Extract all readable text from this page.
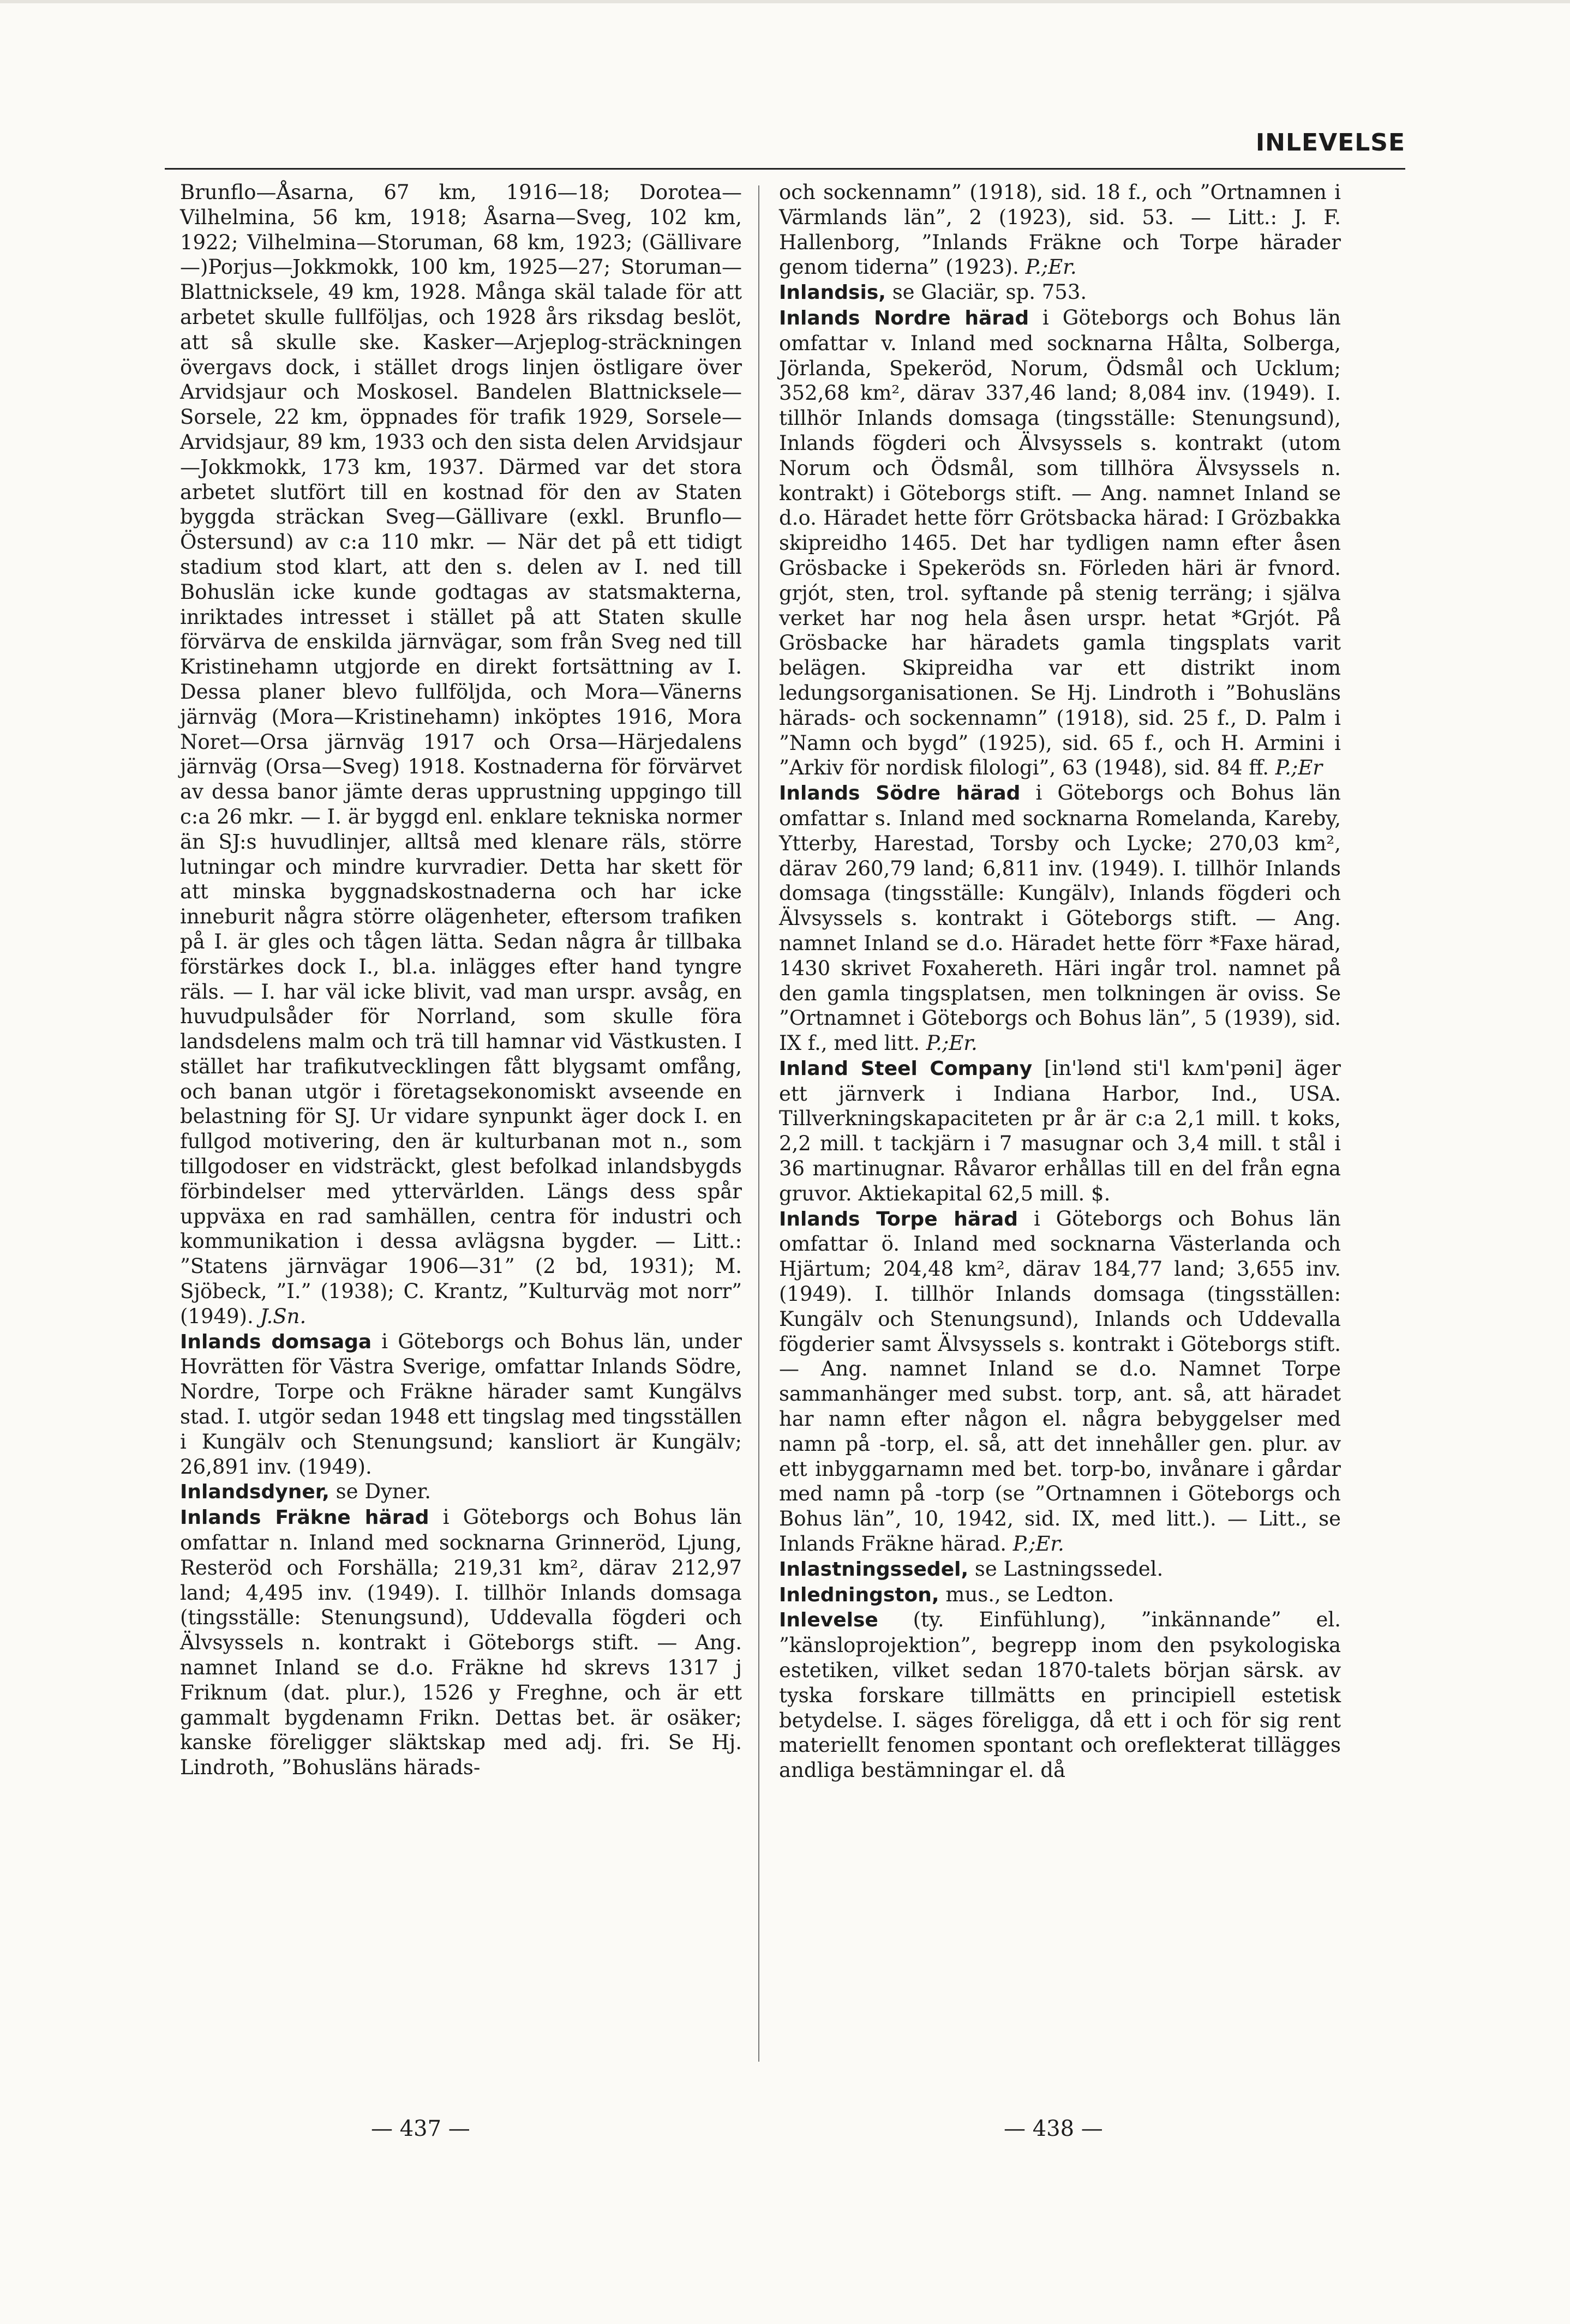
INLEVELSE

Brunflo—Åsarna, 67 km, 1916—18; Dorotea—Vilhelmina, 56 km, 1918; Åsarna—Sveg, 102 km, 1922; Vilhelmina—Storuman, 68 km, 1923; (Gällivare—)Porjus—Jokkmokk, 100 km, 1925—27; Storuman—Blattnicksele, 49 km, 1928. Många skäl talade för att arbetet skulle fullföljas, och 1928 års riksdag beslöt, att så skulle ske. Kasker—Arjeplog-sträckningen övergavs dock, i stället drogs linjen östligare över Arvidsjaur och Moskosel. Bandelen Blattnicksele—Sorsele, 22 km, öppnades för trafik 1929, Sorsele—Arvidsjaur, 89 km, 1933 och den sista delen Arvidsjaur—Jokkmokk, 173 km, 1937. Därmed var det stora arbetet slutfört till en kostnad för den av Staten byggda sträckan Sveg—Gällivare (exkl. Brunflo—Östersund) av c:a 110 mkr. — När det på ett tidigt stadium stod klart, att den s. delen av I. ned till Bohuslän icke kunde godtagas av statsmakterna, inriktades intresset i stället på att Staten skulle förvärva de enskilda järnvägar, som från Sveg ned till Kristinehamn utgjorde en direkt fortsättning av I. Dessa planer blevo fullföljda, och Mora—Vänerns järnväg (Mora—Kristinehamn) inköptes 1916, Mora Noret—Orsa järnväg 1917 och Orsa—Härjedalens järnväg (Orsa—Sveg) 1918. Kostnaderna för förvärvet av dessa banor jämte deras upprustning uppgingo till c:a 26 mkr. — I. är byggd enl. enklare tekniska normer än SJ:s huvudlinjer, alltså med klenare räls, större lutningar och mindre kurvradier. Detta har skett för att minska byggnadskostnaderna och har icke inneburit några större olägenheter, eftersom trafiken på I. är gles och tågen lätta. Sedan några år tillbaka förstärkes dock I., bl.a. inlägges efter hand tyngre räls. — I. har väl icke blivit, vad man urspr. avsåg, en huvudpulsåder för Norrland, som skulle föra landsdelens malm och trä till hamnar vid Västkusten. I stället har trafikutvecklingen fått blygsamt omfång, och banan utgör i företagsekonomiskt avseende en belastning för SJ. Ur vidare synpunkt äger dock I. en fullgod motivering, den är kulturbanan mot n., som tillgodoser en vidsträckt, glest befolkad inlandsbygds förbindelser med yttervärlden. Längs dess spår uppväxa en rad samhällen, centra för industri och kommunikation i dessa avlägsna bygder. — Litt.: ”Statens järnvägar 1906—31” (2 bd, 1931); M. Sjöbeck, ”I.” (1938); C. Krantz, ”Kulturväg mot norr” (1949). J.Sn.

Inlands domsaga i Göteborgs och Bohus län, under Hovrätten för Västra Sverige, omfattar Inlands Södre, Nordre, Torpe och Fräkne härader samt Kungälvs stad. I. utgör sedan 1948 ett tingslag med tingsställen i Kungälv och Stenungsund; kansliort är Kungälv; 26,891 inv. (1949).

Inlandsdyner, se Dyner.

Inlands Fräkne härad i Göteborgs och Bohus län omfattar n. Inland med socknarna Grinneröd, Ljung, Resteröd och Forshälla; 219,31 km², därav 212,97 land; 4,495 inv. (1949). I. tillhör Inlands domsaga (tingsställe: Stenungsund), Uddevalla fögderi och Älvsyssels n. kontrakt i Göteborgs stift. — Ang. namnet Inland se d.o. Fräkne hd skrevs 1317 j Friknum (dat. plur.), 1526 y Freghne, och är ett gammalt bygdenamn Frikn. Dettas bet. är osäker; kanske föreligger släktskap med adj. fri. Se Hj. Lindroth, ”Bohusläns härads-

och sockennamn” (1918), sid. 18 f., och ”Ortnamnen i Värmlands län”, 2 (1923), sid. 53. — Litt.: J. F. Hallenborg, ”Inlands Fräkne och Torpe härader genom tiderna” (1923). P.;Er.

Inlandsis, se Glaciär, sp. 753.

Inlands Nordre härad i Göteborgs och Bohus län omfattar v. Inland med socknarna Hålta, Solberga, Jörlanda, Spekeröd, Norum, Ödsmål och Ucklum; 352,68 km², därav 337,46 land; 8,084 inv. (1949). I. tillhör Inlands domsaga (tingsställe: Stenungsund), Inlands fögderi och Älvsyssels s. kontrakt (utom Norum och Ödsmål, som tillhöra Älvsyssels n. kontrakt) i Göteborgs stift. — Ang. namnet Inland se d.o. Häradet hette förr Grötsbacka härad: I Grözbakka skipreidho 1465. Det har tydligen namn efter åsen Grösbacke i Spekeröds sn. Förleden häri är fvnord. grjót, sten, trol. syftande på stenig terräng; i själva verket har nog hela åsen urspr. hetat *Grjót. På Grösbacke har häradets gamla tingsplats varit belägen. Skipreidha var ett distrikt inom ledungsorganisationen. Se Hj. Lindroth i ”Bohusläns härads- och sockennamn” (1918), sid. 25 f., D. Palm i ”Namn och bygd” (1925), sid. 65 f., och H. Armini i ”Arkiv för nordisk filologi”, 63 (1948), sid. 84 ff. P.;Er

Inlands Södre härad i Göteborgs och Bohus län omfattar s. Inland med socknarna Romelanda, Kareby, Ytterby, Harestad, Torsby och Lycke; 270,03 km², därav 260,79 land; 6,811 inv. (1949). I. tillhör Inlands domsaga (tingsställe: Kungälv), Inlands fögderi och Älvsyssels s. kontrakt i Göteborgs stift. — Ang. namnet Inland se d.o. Häradet hette förr *Faxe härad, 1430 skrivet Foxahereth. Häri ingår trol. namnet på den gamla tingsplatsen, men tolkningen är oviss. Se ”Ortnamnet i Göteborgs och Bohus län”, 5 (1939), sid. IX f., med litt. P.;Er.

Inland Steel Company [in'lənd sti'l kʌm'pəni] äger ett järnverk i Indiana Harbor, Ind., USA. Tillverkningskapaciteten pr år är c:a 2,1 mill. t koks, 2,2 mill. t tackjärn i 7 masugnar och 3,4 mill. t stål i 36 martinugnar. Råvaror erhållas till en del från egna gruvor. Aktiekapital 62,5 mill. $.

Inlands Torpe härad i Göteborgs och Bohus län omfattar ö. Inland med socknarna Västerlanda och Hjärtum; 204,48 km², därav 184,77 land; 3,655 inv. (1949). I. tillhör Inlands domsaga (tingsställen: Kungälv och Stenungsund), Inlands och Uddevalla fögderier samt Älvsyssels s. kontrakt i Göteborgs stift. — Ang. namnet Inland se d.o. Namnet Torpe sammanhänger med subst. torp, ant. så, att häradet har namn efter någon el. några bebyggelser med namn på -torp, el. så, att det innehåller gen. plur. av ett inbyggarnamn med bet. torp-bo, invånare i gårdar med namn på -torp (se ”Ortnamnen i Göteborgs och Bohus län”, 10, 1942, sid. IX, med litt.). — Litt., se Inlands Fräkne härad. P.;Er.

Inlastningssedel, se Lastningssedel.

Inledningston, mus., se Ledton.

Inlevelse (ty. Einfühlung), ”inkännande” el. ”känsloprojektion”, begrepp inom den psykologiska estetiken, vilket sedan 1870-talets början särsk. av tyska forskare tillmätts en principiell estetisk betydelse. I. säges föreligga, då ett i och för sig rent materiellt fenomen spontant och oreflekterat tillägges andliga bestämningar el. då

— 437 —	— 438 —
